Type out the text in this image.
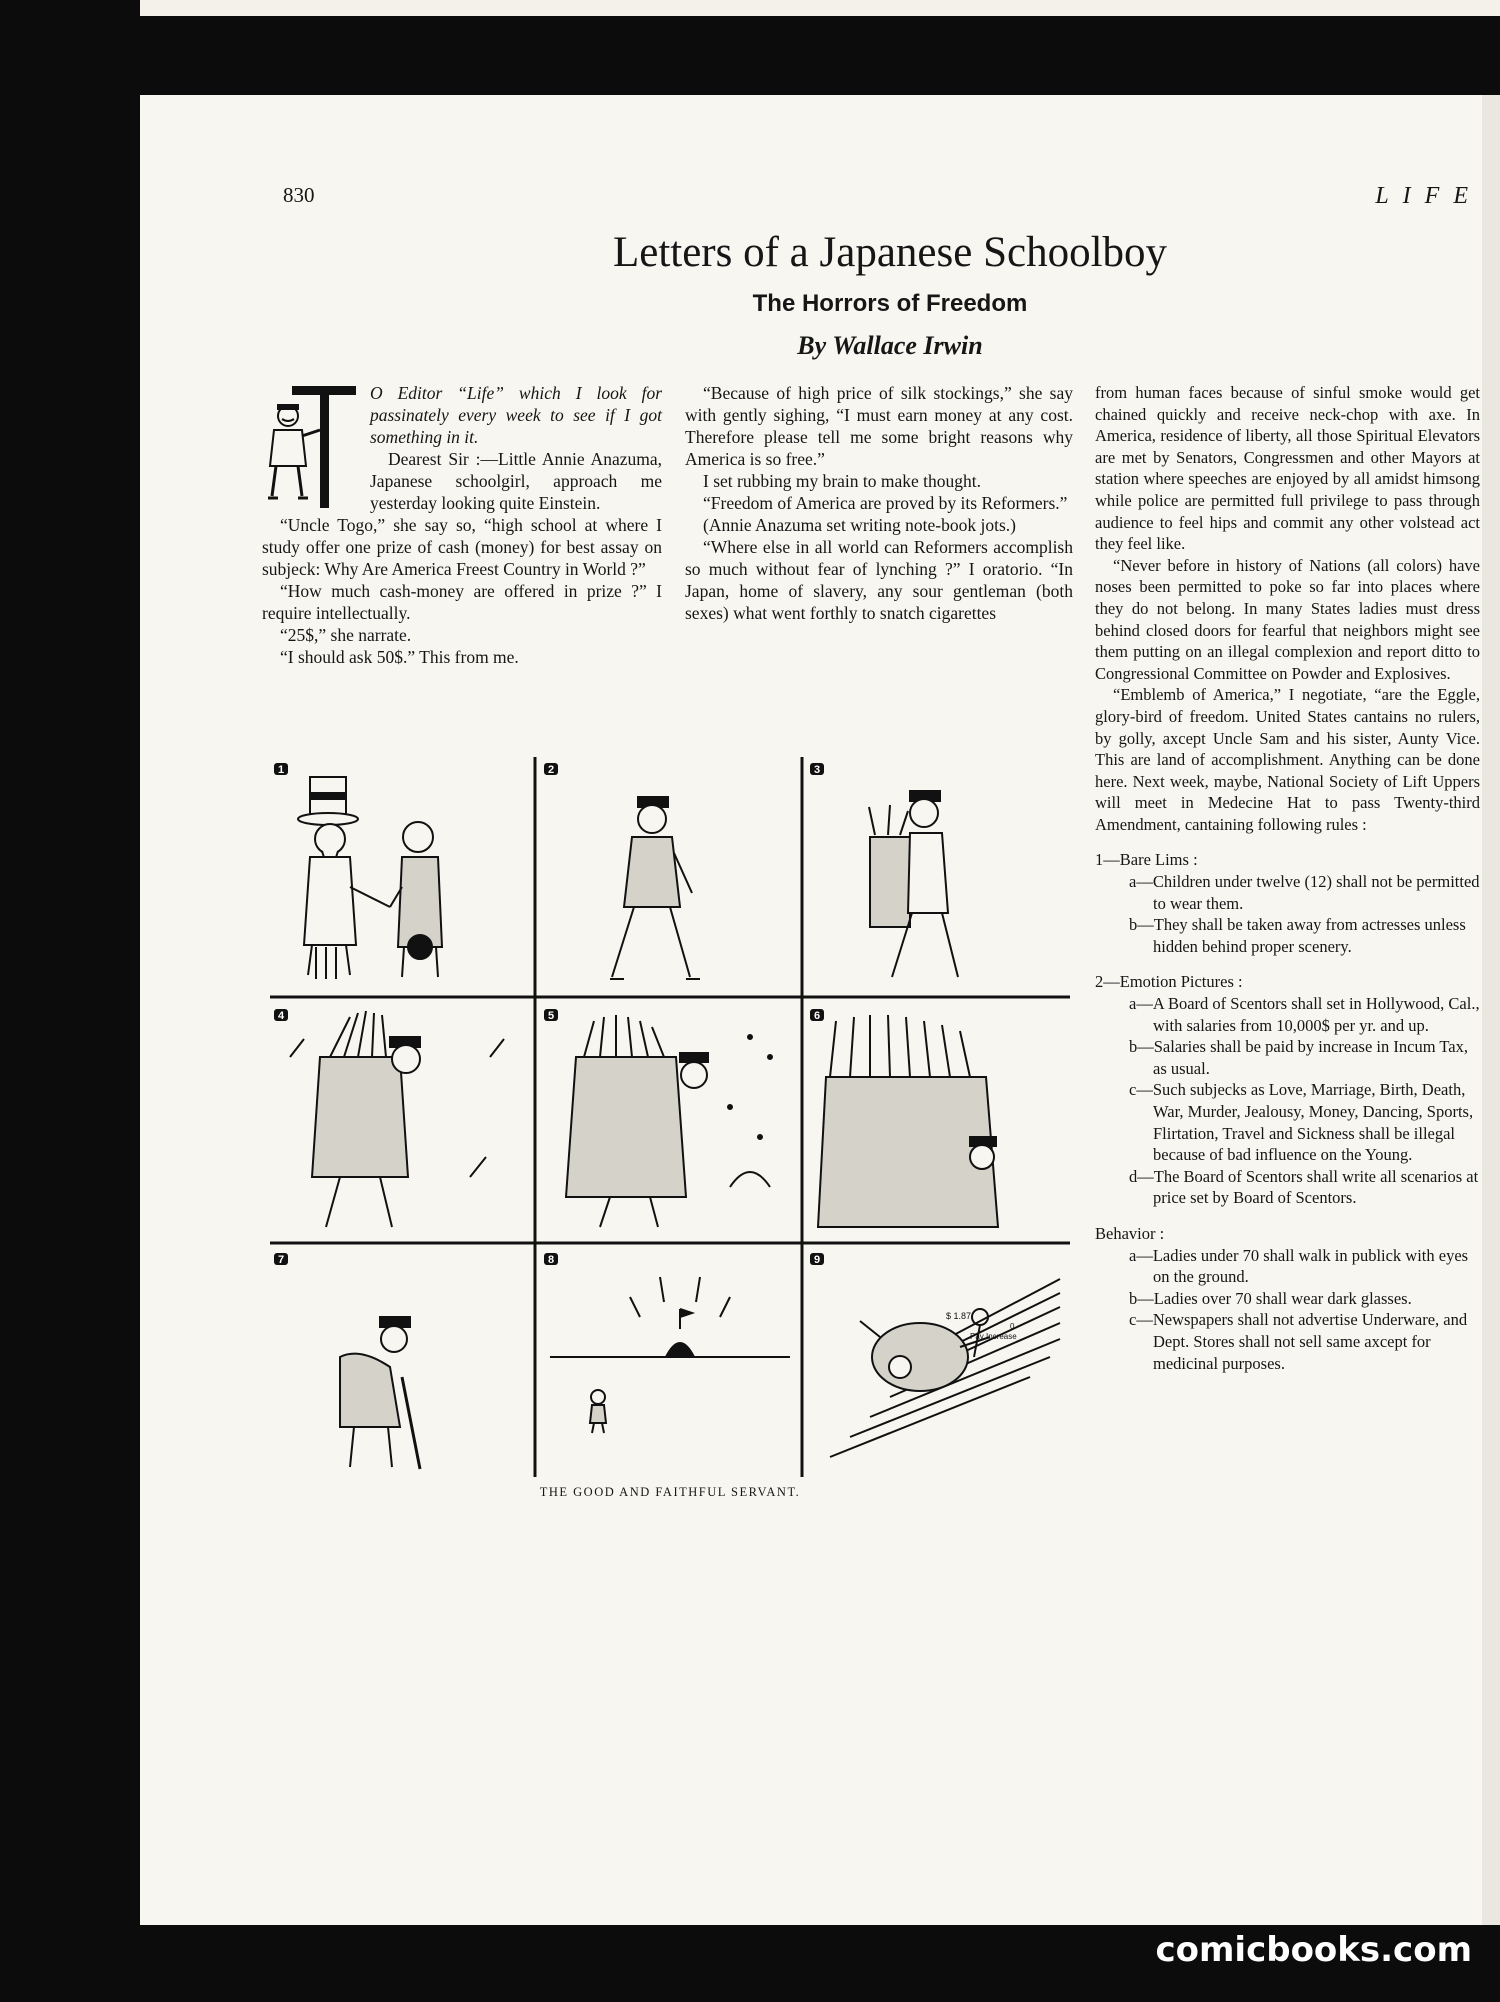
830	LIFE
Letters of a Japanese Schoolboy
The Horrors of Freedom
By Wallace Irwin

O Editor “Life” which I look for passinately every week to see if I got something in it.

Dearest Sir :—Little Annie Anazuma, Japanese schoolgirl, approach me yesterday looking quite Einstein.

“Uncle Togo,” she say so, “high school at where I study offer one prize of cash (money) for best assay on subjeck: Why Are America Freest Country in World ?”

“How much cash-money are offered in prize ?” I require intellectually.

“25$,” she narrate.

“I should ask 50$.” This from me.

“Because of high price of silk stockings,” she say with gently sighing, “I must earn money at any cost. Therefore please tell me some bright reasons why America is so free.”

I set rubbing my brain to make thought.

“Freedom of America are proved by its Reformers.”

(Annie Anazuma set writing note-book jots.)

“Where else in all world can Reformers accomplish so much without fear of lynching ?” I oratorio. “In Japan, home of slavery, any sour gentleman (both sexes) what went forthly to snatch cigarettes

from human faces because of sinful smoke would get chained quickly and receive neck-chop with axe. In America, residence of liberty, all those Spiritual Elevators are met by Senators, Congressmen and other Mayors at station where speeches are enjoyed by all amidst himsong while police are permitted full privilege to pass through audience to feel hips and commit any other volstead act they feel like.

“Never before in history of Nations (all colors) have noses been permitted to poke so far into places where they do not belong. In many States ladies must dress behind closed doors for fearful that neighbors might see them putting on an illegal complexion and report ditto to Congressional Committee on Powder and Explosives.

“Emblemb of America,” I negotiate, “are the Eggle, glory-bird of freedom. United States cantains no rulers, by golly, axcept Uncle Sam and his sister, Aunty Vice. This are land of accomplishment. Anything can be done here. Next week, maybe, National Society of Lift Uppers will meet in Medecine Hat to pass Twenty-third Amendment, cantaining following rules :

1—Bare Lims :

a—Children under twelve (12) shall not be permitted to wear them.

b—They shall be taken away from actresses unless hidden behind proper scenery.

2—Emotion Pictures :

a—A Board of Scentors shall set in Hollywood, Cal., with salaries from 10,000$ per yr. and up.

b—Salaries shall be paid by increase in Incum Tax, as usual.

c—Such subjecks as Love, Marriage, Birth, Death, War, Murder, Jealousy, Money, Dancing, Sports, Flirtation, Travel and Sickness shall be illegal because of bad influence on the Young.

d—The Board of Scentors shall write all scenarios at price set by Board of Scentors.

Behavior :

a—Ladies under 70 shall walk in publick with eyes on the ground.

b—Ladies over 70 shall wear dark glasses.

c—Newspapers shall not advertise Underware, and Dept. Stores shall not sell same axcept for medicinal purposes.

1	2	3
4	5	6
7	8	9
$ 1.87
Pay Increase
0
THE GOOD AND FAITHFUL SERVANT.
comicbooks.com
